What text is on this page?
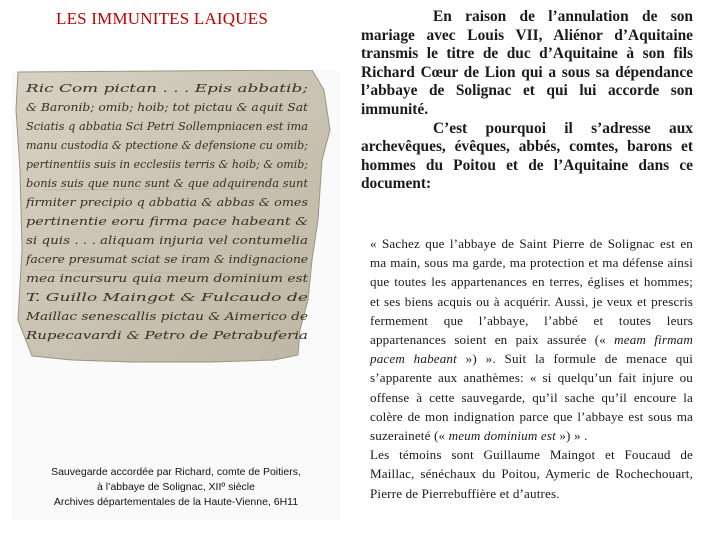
LES IMMUNITES LAIQUES
Ric Com pictan . . . Epis abbatib;
& Baronib; omib; hoib; tot pictau & aquit Sat
Sciatis q abbatia Sci Petri Sollempniacen est ima
manu custodia & ptectione & defensione cu omib;
pertinentiis suis in ecclesiis terris & hoib; & omib;
bonis suis que nunc sunt & que adquirenda sunt
firmiter precipio q abbatia & abbas & omes
pertinentie eoru firma pace habeant &
si quis . . . aliquam injuria vel contumelia
facere presumat sciat se iram & indignacione
mea incursuru quia meum dominium est
T. Guillo Maingot & Fulcaudo de
Maillac senescallis pictau & Aimerico de
Rupecavardi & Petro de Petrabuferia
Sauvegarde accordée par Richard, comte de Poitiers,
à l’abbaye de Solignac, XIIº siècle
Archives départementales de la Haute-Vienne, 6H11

En raison de l’annulation de son mariage avec Louis VII, Aliénor d’Aquitaine transmis le titre de duc d’Aquitaine à son fils Richard Cœur de Lion qui a sous sa dépendance l’abbaye de Solignac et qui lui accorde son immunité.

C’est pourquoi il s’adresse aux archevêques, évêques, abbés, comtes, barons et hommes du Poitou et de l’Aquitaine dans ce document:

« Sachez que l’abbaye de Saint Pierre de Solignac est en ma main, sous ma garde, ma protection et ma défense ainsi que toutes les appartenances en terres, églises et hommes; et ses biens acquis ou à acquérir. Aussi, je veux et prescris fermement que l’abbaye, l’abbé et toutes leurs appartenances soient en paix assurée (« meam firmam pacem habeant ») ». Suit la formule de menace qui s’apparente aux anathèmes: « si quelqu’un fait injure ou offense à cette sauvegarde, qu’il sache qu’il encoure la colère de mon indignation parce que l’abbaye est sous ma suzeraineté (« meum dominium est ») » .

Les témoins sont Guillaume Maingot et Foucaud de Maillac, sénéchaux du Poitou, Aymeric de Rochechouart, Pierre de Pierrebuffière et d’autres.
